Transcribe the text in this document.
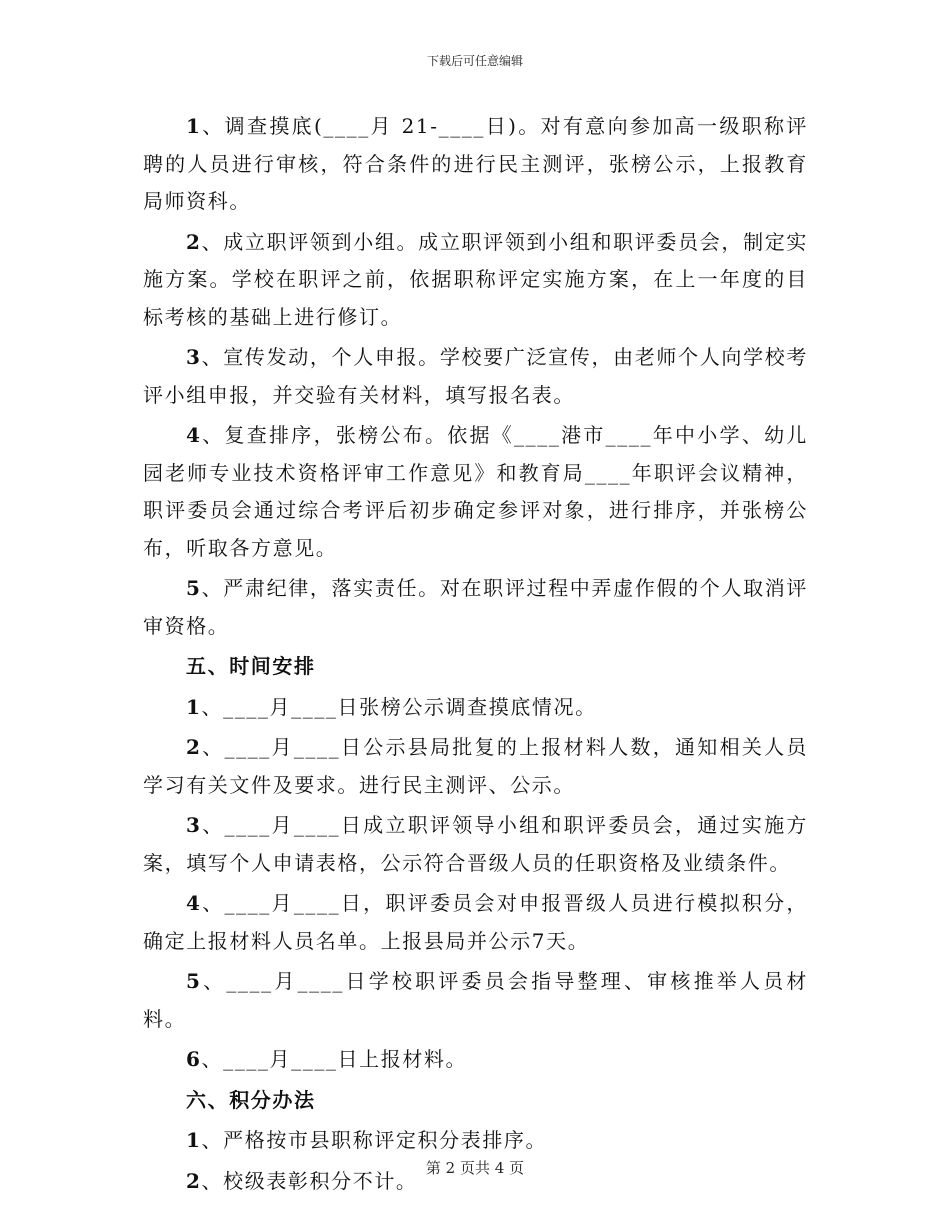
下载后可任意编辑

1、调查摸底(____月 21-____日)。对有意向参加高一级职称评聘的人员进行审核，符合条件的进行民主测评，张榜公示，上报教育局师资科。

2、成立职评领到小组。成立职评领到小组和职评委员会，制定实施方案。学校在职评之前，依据职称评定实施方案，在上一年度的目标考核的基础上进行修订。

3、宣传发动，个人申报。学校要广泛宣传，由老师个人向学校考评小组申报，并交验有关材料，填写报名表。

4、复查排序，张榜公布。依据《____港市____年中小学、幼儿园老师专业技术资格评审工作意见》和教育局____年职评会议精神，职评委员会通过综合考评后初步确定参评对象，进行排序，并张榜公布，听取各方意见。

5、严肃纪律，落实责任。对在职评过程中弄虚作假的个人取消评审资格。

五、时间安排

1、____月____日张榜公示调查摸底情况。

2、____月____日公示县局批复的上报材料人数，通知相关人员学习有关文件及要求。进行民主测评、公示。

3、____月____日成立职评领导小组和职评委员会，通过实施方案，填写个人申请表格，公示符合晋级人员的任职资格及业绩条件。

4、____月____日，职评委员会对申报晋级人员进行模拟积分，确定上报材料人员名单。上报县局并公示7天。

5、____月____日学校职评委员会指导整理、审核推举人员材料。

6、____月____日上报材料。

六、积分办法

1、严格按市县职称评定积分表排序。

2、校级表彰积分不计。

第 2 页共 4 页
